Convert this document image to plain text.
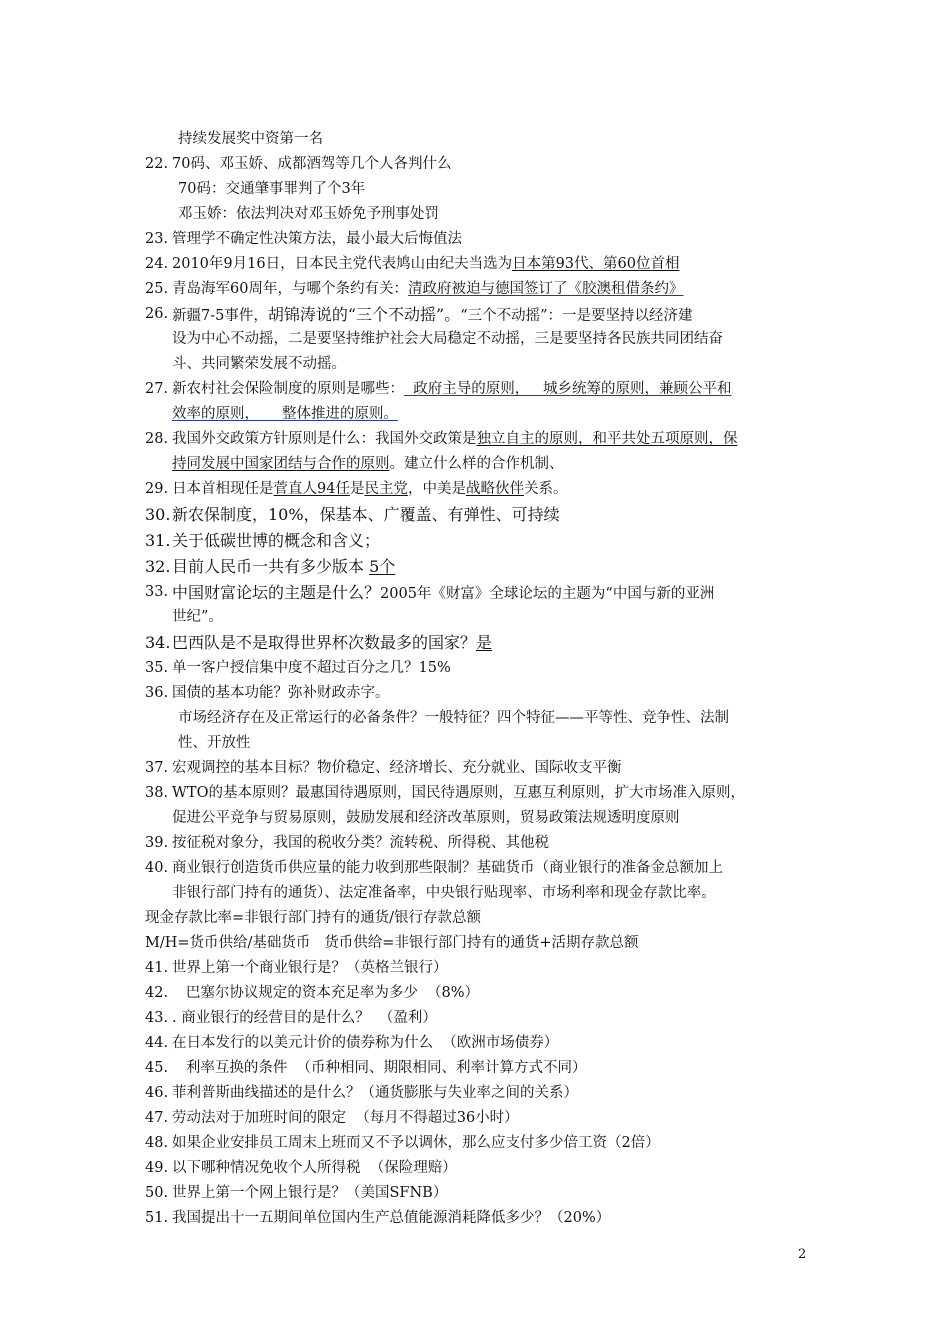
持续发展奖中资第一名
22. 70码、邓玉娇、成都酒驾等几个人各判什么
70码：交通肇事罪判了个3年
邓玉娇：依法判决对邓玉娇免予刑事处罚
23. 管理学不确定性决策方法，最小最大后悔值法
24. 2010年9月16日，日本民主党代表鸠山由纪夫当选为日本第93代、第60位首相
25. 青岛海军60周年，与哪个条约有关：清政府被迫与德国签订了《胶澳租借条约》
26. 新疆7-5事件，胡锦涛说的“三个不动摇”。“三个不动摇”：一是要坚持以经济建
设为中心不动摇，二是要坚持维护社会大局稳定不动摇，三是要坚持各民族共同团结奋
斗、共同繁荣发展不动摇。
27. 新农村社会保险制度的原则是哪些：  政府主导的原则，   城乡统筹的原则，兼顾公平和
效率的原则，     整体推进的原则。
28. 我国外交政策方针原则是什么：我国外交政策是独立自主的原则，和平共处五项原则，保
持同发展中国家团结与合作的原则。建立什么样的合作机制、
29. 日本首相现任是菅直人94任是民主党，中美是战略伙伴关系。
30. 新农保制度，10%，保基本、广覆盖、有弹性、可持续
31. 关于低碳世博的概念和含义；
32. 目前人民币一共有多少版本 5个
33. 中国财富论坛的主题是什么？2005年《财富》全球论坛的主题为“中国与新的亚洲
世纪”。
34. 巴西队是不是取得世界杯次数最多的国家？是
35. 单一客户授信集中度不超过百分之几？15%
36. 国债的基本功能？弥补财政赤字。
市场经济存在及正常运行的必备条件？一般特征？四个特征——平等性、竞争性、法制
性、开放性
37. 宏观调控的基本目标？物价稳定、经济增长、充分就业、国际收支平衡
38. WTO的基本原则？最惠国待遇原则，国民待遇原则，互惠互利原则，扩大市场准入原则，
促进公平竞争与贸易原则，鼓励发展和经济改革原则，贸易政策法规透明度原则
39. 按征税对象分，我国的税收分类？流转税、所得税、其他税
40. 商业银行创造货币供应量的能力收到那些限制？基础货币（商业银行的准备金总额加上
非银行部门持有的通货）、法定准备率，中央银行贴现率、市场利率和现金存款比率。
现金存款比率=非银行部门持有的通货/银行存款总额
M/H=货币供给/基础货币   货币供给=非银行部门持有的通货+活期存款总额
41. 世界上第一个商业银行是？（英格兰银行）
42. 巴塞尔协议规定的资本充足率为多少  （8%）
43. . 商业银行的经营目的是什么？  （盈利）
44. 在日本发行的以美元计价的债券称为什么  （欧洲市场债券）
45. 利率互换的条件  （币种相同、期限相同、利率计算方式不同）
46. 菲利普斯曲线描述的是什么？（通货膨胀与失业率之间的关系）
47. 劳动法对于加班时间的限定  （每月不得超过36小时）
48. 如果企业安排员工周末上班而又不予以调休，那么应支付多少倍工资（2倍）
49. 以下哪种情况免收个人所得税  （保险理赔）
50. 世界上第一个网上银行是？（美国SFNB）
51. 我国提出十一五期间单位国内生产总值能源消耗降低多少？（20%）
2
